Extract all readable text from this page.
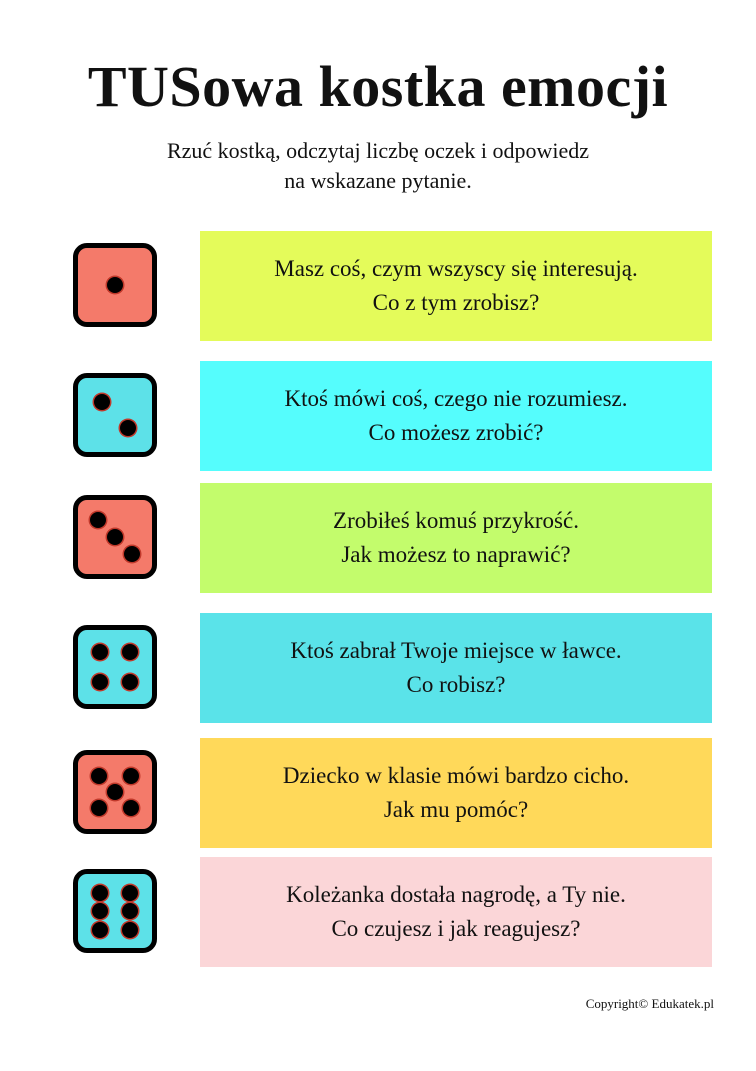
TUSowa kostka emocji
Rzuć kostką, odczytaj liczbę oczek i odpowiedz
na wskazane pytanie.
Masz coś, czym wszyscy się interesują.
Co z tym zrobisz?
Ktoś mówi coś, czego nie rozumiesz.
Co możesz zrobić?
Zrobiłeś komuś przykrość.
Jak możesz to naprawić?
Ktoś zabrał Twoje miejsce w ławce.
Co robisz?
Dziecko w klasie mówi bardzo cicho.
Jak mu pomóc?
Koleżanka dostała nagrodę, a Ty nie.
Co czujesz i jak reagujesz?
Copyright© Edukatek.pl
